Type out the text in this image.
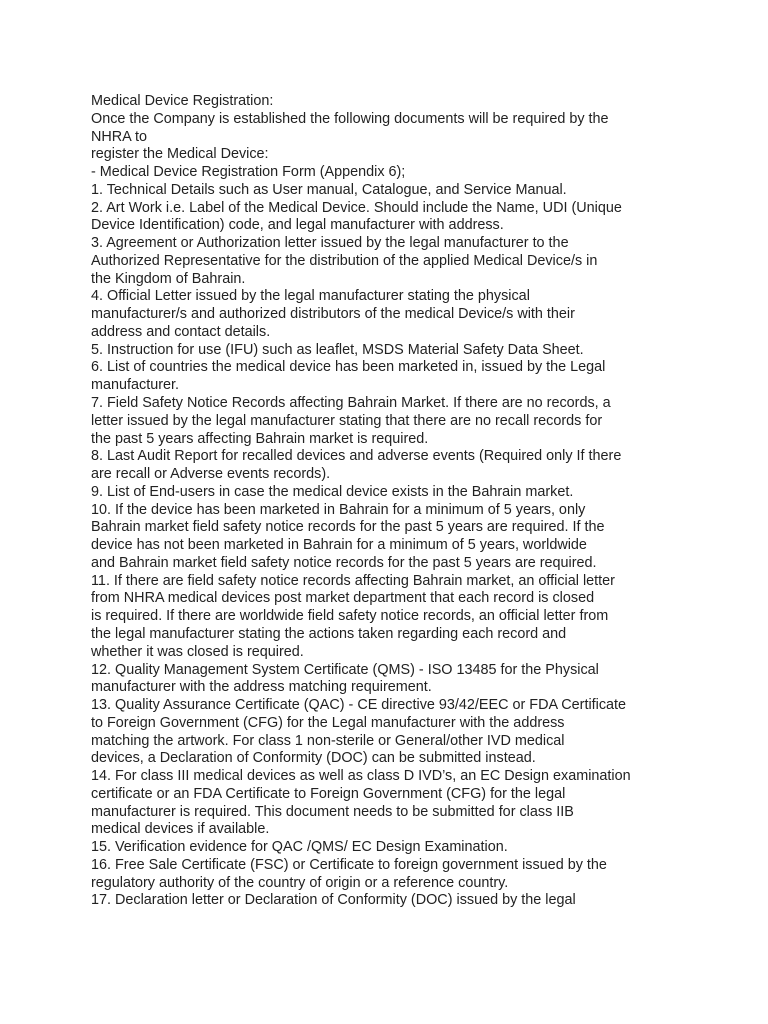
Medical Device Registration:
Once the Company is established the following documents will be required by the
NHRA to
register the Medical Device:
- Medical Device Registration Form (Appendix 6);
1. Technical Details such as User manual, Catalogue, and Service Manual.
2. Art Work i.e. Label of the Medical Device. Should include the Name, UDI (Unique
Device Identification) code, and legal manufacturer with address.
3. Agreement or Authorization letter issued by the legal manufacturer to the
Authorized Representative for the distribution of the applied Medical Device/s in
the Kingdom of Bahrain.
4. Official Letter issued by the legal manufacturer stating the physical
manufacturer/s and authorized distributors of the medical Device/s with their
address and contact details.
5. Instruction for use (IFU) such as leaflet, MSDS Material Safety Data Sheet.
6. List of countries the medical device has been marketed in, issued by the Legal
manufacturer.
7. Field Safety Notice Records affecting Bahrain Market. If there are no records, a
letter issued by the legal manufacturer stating that there are no recall records for
the past 5 years affecting Bahrain market is required.
8. Last Audit Report for recalled devices and adverse events (Required only If there
are recall or Adverse events records).
9. List of End-users in case the medical device exists in the Bahrain market.
10. If the device has been marketed in Bahrain for a minimum of 5 years, only
Bahrain market field safety notice records for the past 5 years are required. If the
device has not been marketed in Bahrain for a minimum of 5 years, worldwide
and Bahrain market field safety notice records for the past 5 years are required.
11. If there are field safety notice records affecting Bahrain market, an official letter
from NHRA medical devices post market department that each record is closed
is required. If there are worldwide field safety notice records, an official letter from
the legal manufacturer stating the actions taken regarding each record and
whether it was closed is required.
12. Quality Management System Certificate (QMS) - ISO 13485 for the Physical
manufacturer with the address matching requirement.
13. Quality Assurance Certificate (QAC) - CE directive 93/42/EEC or FDA Certificate
to Foreign Government (CFG) for the Legal manufacturer with the address
matching the artwork. For class 1 non-sterile or General/other IVD medical
devices, a Declaration of Conformity (DOC) can be submitted instead.
14. For class III medical devices as well as class D IVD’s, an EC Design examination
certificate or an FDA Certificate to Foreign Government (CFG) for the legal
manufacturer is required. This document needs to be submitted for class IIB
medical devices if available.
15. Verification evidence for QAC /QMS/ EC Design Examination.
16. Free Sale Certificate (FSC) or Certificate to foreign government issued by the
regulatory authority of the country of origin or a reference country.
17. Declaration letter or Declaration of Conformity (DOC) issued by the legal
